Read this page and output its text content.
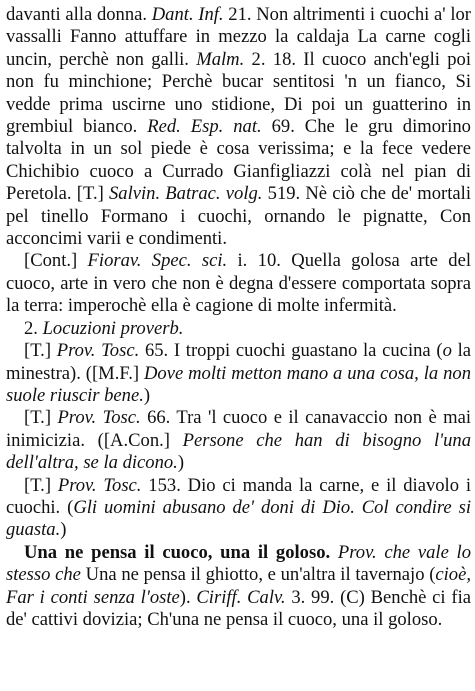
davanti alla donna. Dant. Inf. 21. Non altrimenti i cuochi a' lor vassalli Fanno attuffare in mezzo la caldaja La carne cogli uncin, perchè non galli. Malm. 2. 18. Il cuoco anch'egli poi non fu minchione; Perchè bucar sentitosi 'n un fianco, Si vedde prima uscirne uno stidione, Di poi un guatterino in grembiul bianco. Red. Esp. nat. 69. Che le gru dimorino talvolta in un sol piede è cosa verissima; e la fece vedere Chichibio cuoco a Currado Gianfigliazzi colà nel pian di Peretola. [T.] Salvin. Batrac. volg. 519. Nè ciò che de' mortali pel tinello Formano i cuochi, ornando le pignatte, Con acconcimi varii e condimenti.

[Cont.] Fiorav. Spec. sci. i. 10. Quella golosa arte del cuoco, arte in vero che non è degna d'essere comportata sopra la terra: imperochè ella è cagione di molte infermità.

2. Locuzioni proverb.

[T.] Prov. Tosc. 65. I troppi cuochi guastano la cucina (o la minestra). ([M.F.] Dove molti metton mano a una cosa, la non suole riuscir bene.)

[T.] Prov. Tosc. 66. Tra 'l cuoco e il canavaccio non è mai inimicizia. ([A.Con.] Persone che han di bisogno l'una dell'altra, se la dicono.)

[T.] Prov. Tosc. 153. Dio ci manda la carne, e il diavolo i cuochi. (Gli uomini abusano de' doni di Dio. Col condire si guasta.)

Una ne pensa il cuoco, una il goloso. Prov. che vale lo stesso che Una ne pensa il ghiotto, e un'altra il tavernajo (cioè, Far i conti senza l'oste). Ciriff. Calv. 3. 99. (C) Benchè ci fia de' cattivi dovizia; Ch'una ne pensa il cuoco, una il goloso.
